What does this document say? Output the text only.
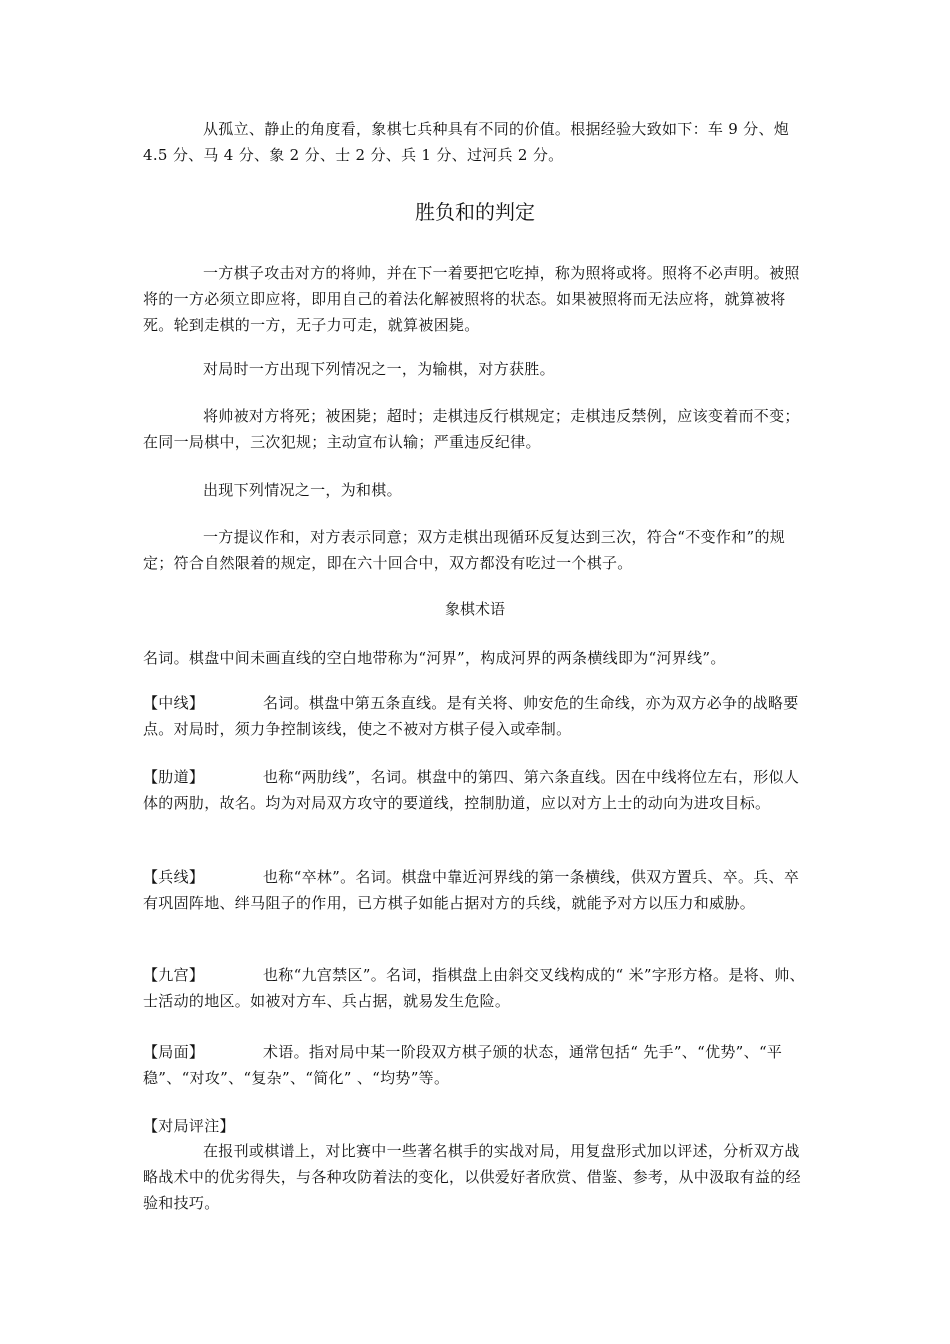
从孤立、静止的角度看，象棋七兵种具有不同的价值。根据经验大致如下：车 9 分、炮 4.5 分、马 4 分、象 2 分、士 2 分、兵 1 分、过河兵 2 分。

胜负和的判定

一方棋子攻击对方的将帅，并在下一着要把它吃掉，称为照将或将。照将不必声明。被照将的一方必须立即应将，即用自己的着法化解被照将的状态。如果被照将而无法应将，就算被将死。轮到走棋的一方，无子力可走，就算被困毙。

对局时一方出现下列情况之一，为输棋，对方获胜。

将帅被对方将死；被困毙；超时；走棋违反行棋规定；走棋违反禁例，应该变着而不变；在同一局棋中，三次犯规；主动宣布认输；严重违反纪律。

出现下列情况之一，为和棋。

一方提议作和，对方表示同意；双方走棋出现循环反复达到三次，符合“不变作和”的规定；符合自然限着的规定，即在六十回合中，双方都没有吃过一个棋子。

象棋术语

名词。棋盘中间未画直线的空白地带称为“河界”，构成河界的两条横线即为“河界线”。

【中线】	名词。棋盘中第五条直线。是有关将、帅安危的生命线，亦为双方必争的战略要点。对局时，须力争控制该线，使之不被对方棋子侵入或牵制。

【肋道】	也称“两肋线”，名词。棋盘中的第四、第六条直线。因在中线将位左右，形似人体的两肋，故名。均为对局双方攻守的要道线，控制肋道，应以对方上士的动向为进攻目标。

【兵线】	也称“卒林”。名词。棋盘中靠近河界线的第一条横线，供双方置兵、卒。兵、卒有巩固阵地、绊马阻子的作用，已方棋子如能占据对方的兵线，就能予对方以压力和威胁。

【九宫】	也称“九宫禁区”。名词，指棋盘上由斜交叉线构成的“ 米”字形方格。是将、帅、士活动的地区。如被对方车、兵占据，就易发生危险。

【局面】	术语。指对局中某一阶段双方棋子颁的状态，通常包括“ 先手”、“优势”、“平稳”、“对攻”、“复杂”、“简化” 、“均势”等。

【对局评注】

在报刊或棋谱上，对比赛中一些著名棋手的实战对局，用复盘形式加以评述，分析双方战略战术中的优劣得失，与各种攻防着法的变化，以供爱好者欣赏、借鉴、参考，从中汲取有益的经验和技巧。
